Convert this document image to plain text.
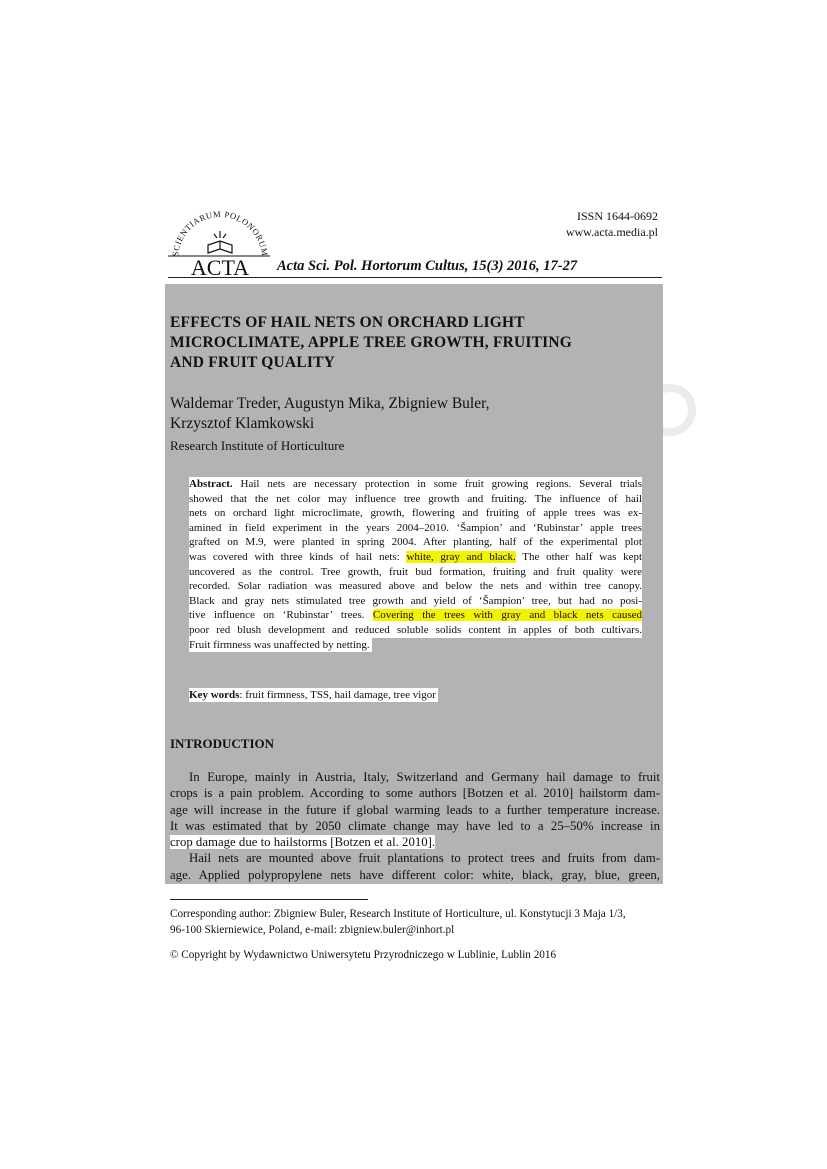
ISSN 1644-0692
www.acta.media.pl
SCIENTIARUM POLONORUM
ACTA Acta Sci. Pol. Hortorum Cultus, 15(3) 2016, 17-27
EFFECTS OF HAIL NETS ON ORCHARD LIGHT
MICROCLIMATE, APPLE TREE GROWTH, FRUITING
AND FRUIT QUALITY
Waldemar Treder, Augustyn Mika, Zbigniew Buler,
Krzysztof Klamkowski
Research Institute of Horticulture
Abstract. Hail nets are necessary protection in some fruit growing regions. Several trials
showed that the net color may influence tree growth and fruiting. The influence of hail
nets on orchard light microclimate, growth, flowering and fruiting of apple trees was ex-
amined in field experiment in the years 2004–2010. ‘Šampion’ and ‘Rubinstar’ apple trees
grafted on M.9, were planted in spring 2004. After planting, half of the experimental plot
was covered with three kinds of hail nets: white, gray and black. The other half was kept
uncovered as the control. Tree growth, fruit bud formation, fruiting and fruit quality were
recorded. Solar radiation was measured above and below the nets and within tree canopy.
Black and gray nets stimulated tree growth and yield of ‘Šampion’ tree, but had no posi-
tive influence on ‘Rubinstar’ trees. Covering the trees with gray and black nets caused
poor red blush development and reduced soluble solids content in apples of both cultivars.
Fruit firmness was unaffected by netting.
Key words: fruit firmness, TSS, hail damage, tree vigor
INTRODUCTION
In Europe, mainly in Austria, Italy, Switzerland and Germany hail damage to fruit
crops is a pain problem. According to some authors [Botzen et al. 2010] hailstorm dam-
age will increase in the future if global warming leads to a further temperature increase.
It was estimated that by 2050 climate change may have led to a 25–50% increase in
crop damage due to hailstorms [Botzen et al. 2010].
Hail nets are mounted above fruit plantations to protect trees and fruits from dam-
age. Applied polypropylene nets have different color: white, black, gray, blue, green,
Corresponding author: Zbigniew Buler, Research Institute of Horticulture, ul. Konstytucji 3 Maja 1/3,
96-100 Skierniewice, Poland, e-mail: zbigniew.buler@inhort.pl
© Copyright by Wydawnictwo Uniwersytetu Przyrodniczego w Lublinie, Lublin 2016
